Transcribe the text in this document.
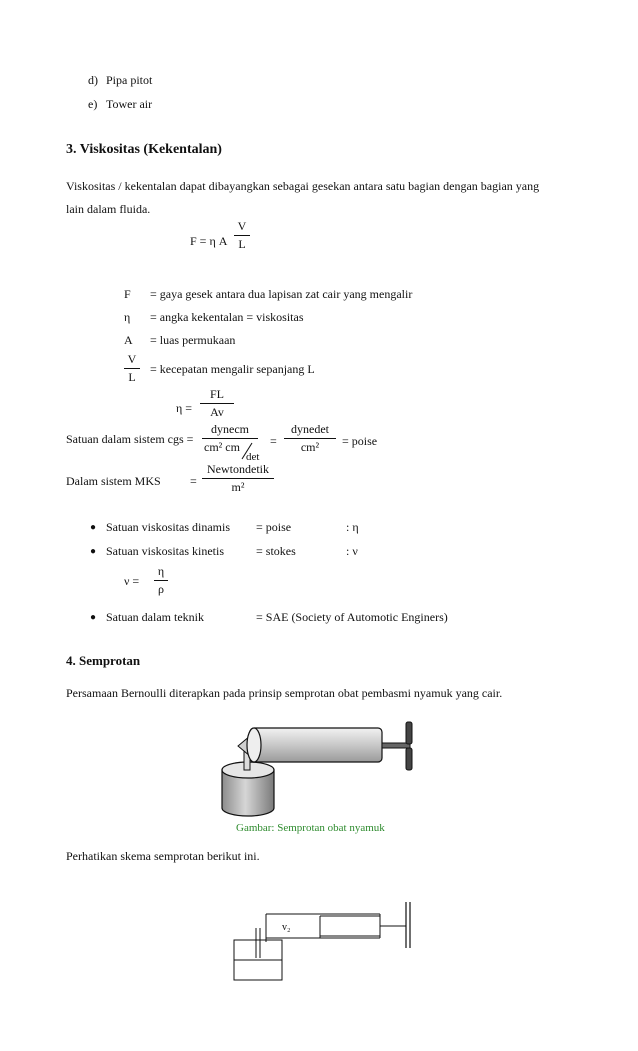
d) Pipa pitot
e) Tower air
3. Viskositas (Kekentalan)
Viskositas / kekentalan dapat dibayangkan sebagai gesekan antara satu bagian dengan bagian yang
lain dalam fluida.
F = η A
V
L
F = gaya gesek antara dua lapisan zat cair yang mengalir
η = angka kekentalan = viskositas
A = luas permukaan
V
L
= kecepatan mengalir sepanjang L
η =
FL
Av
Satuan dalam sistem cgs =
dynecm
cm² cm
det
=
dynedet
cm²	= poise
Dalam sistem MKS =
Newtondetik
m²
● Satuan viskositas dinamis = poise	: η
● Satuan viskositas kinetis	= stokes	: ν
ν =
η
ρ
● Satuan dalam teknik	= SAE (Society of Automotic Enginers)
4. Semprotan
Persamaan Bernoulli diterapkan pada prinsip semprotan obat pembasmi nyamuk yang cair.
Gambar: Semprotan obat nyamuk
Perhatikan skema semprotan berikut ini.
v₂
